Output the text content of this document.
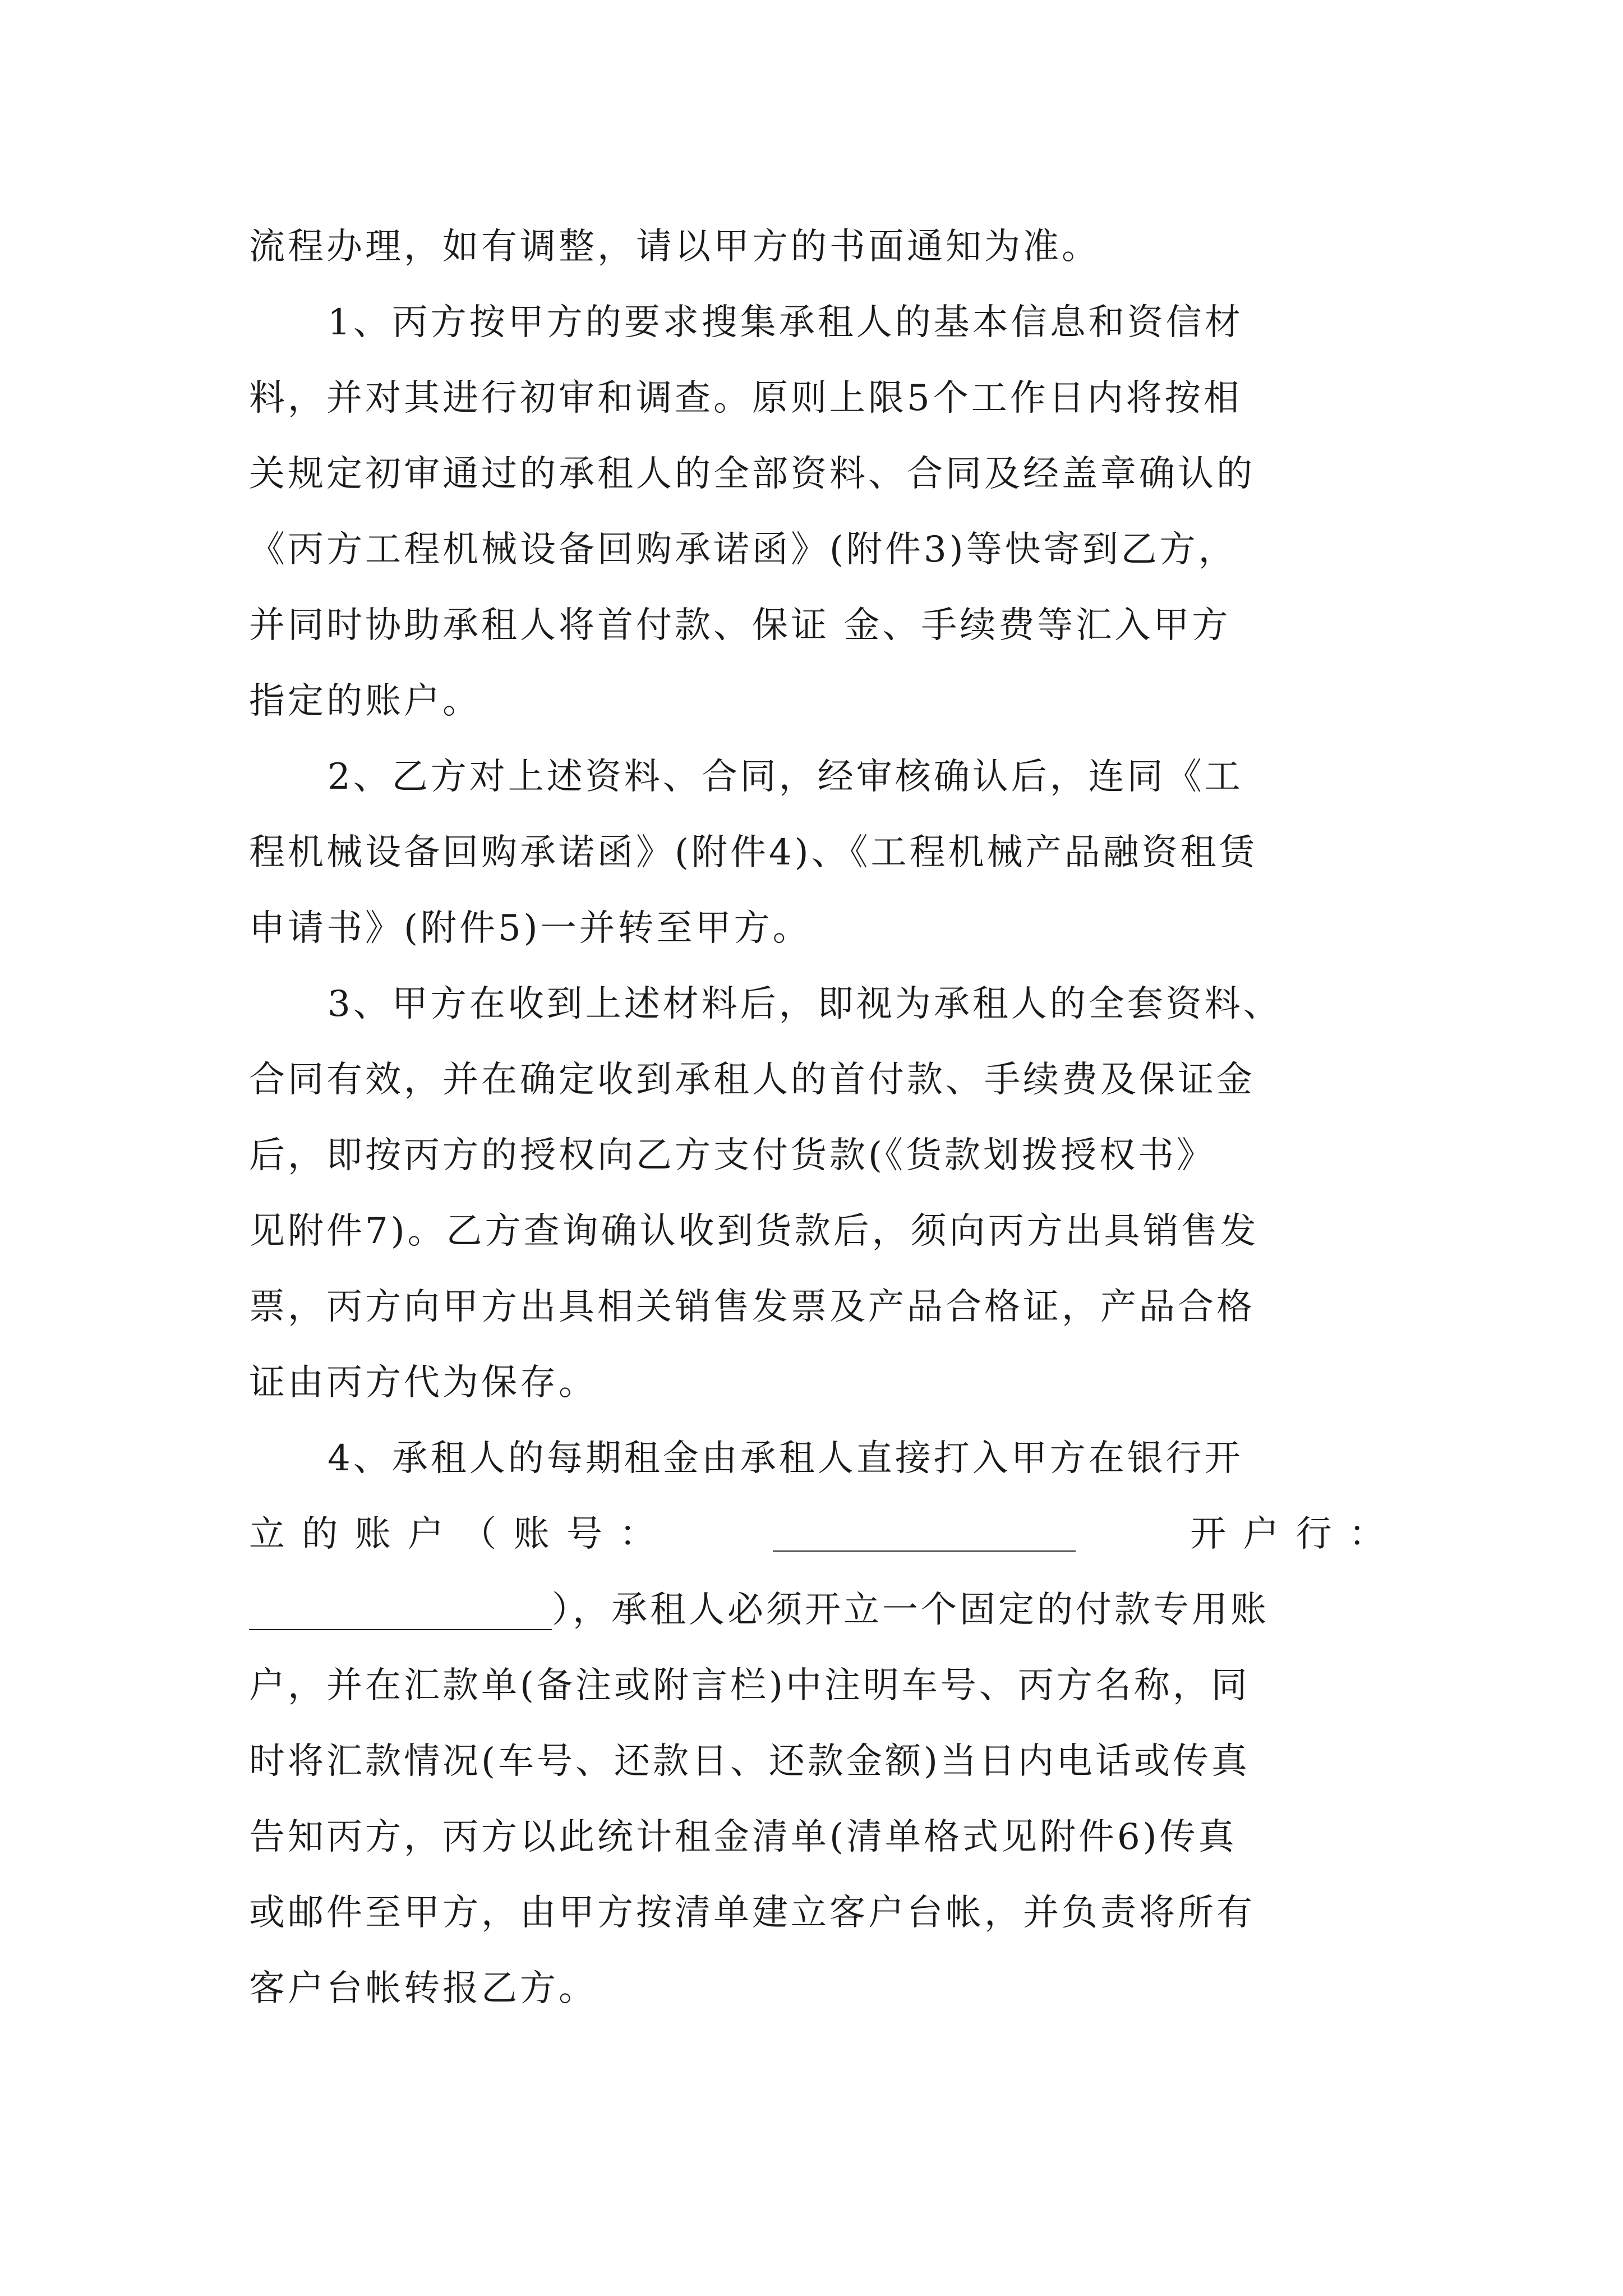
流程办理，如有调整，请以甲方的书面通知为准。
1、丙方按甲方的要求搜集承租人的基本信息和资信材
料，并对其进行初审和调查。原则上限5个工作日内将按相
关规定初审通过的承租人的全部资料、合同及经盖章确认的
《丙方工程机械设备回购承诺函》(附件3)等快寄到乙方，
并同时协助承租人将首付款、保证 金、手续费等汇入甲方
指定的账户。
2、乙方对上述资料、合同，经审核确认后，连同《工
程机械设备回购承诺函》(附件4)、《工程机械产品融资租赁
申请书》(附件5)一并转至甲方。
3、甲方在收到上述材料后，即视为承租人的全套资料、
合同有效，并在确定收到承租人的首付款、手续费及保证金
后，即按丙方的授权向乙方支付货款(《货款划拨授权书》
见附件7)。乙方查询确认收到货款后，须向丙方出具销售发
票，丙方向甲方出具相关销售发票及产品合格证，产品合格
证由丙方代为保存。
4、承租人的每期租金由承租人直接打入甲方在银行开
立 的 账 户 （ 账 号 ：	开 户 行 ：
），承租人必须开立一个固定的付款专用账
户，并在汇款单(备注或附言栏)中注明车号、丙方名称，同
时将汇款情况(车号、还款日、还款金额)当日内电话或传真
告知丙方，丙方以此统计租金清单(清单格式见附件6)传真
或邮件至甲方，由甲方按清单建立客户台帐，并负责将所有
客户台帐转报乙方。
